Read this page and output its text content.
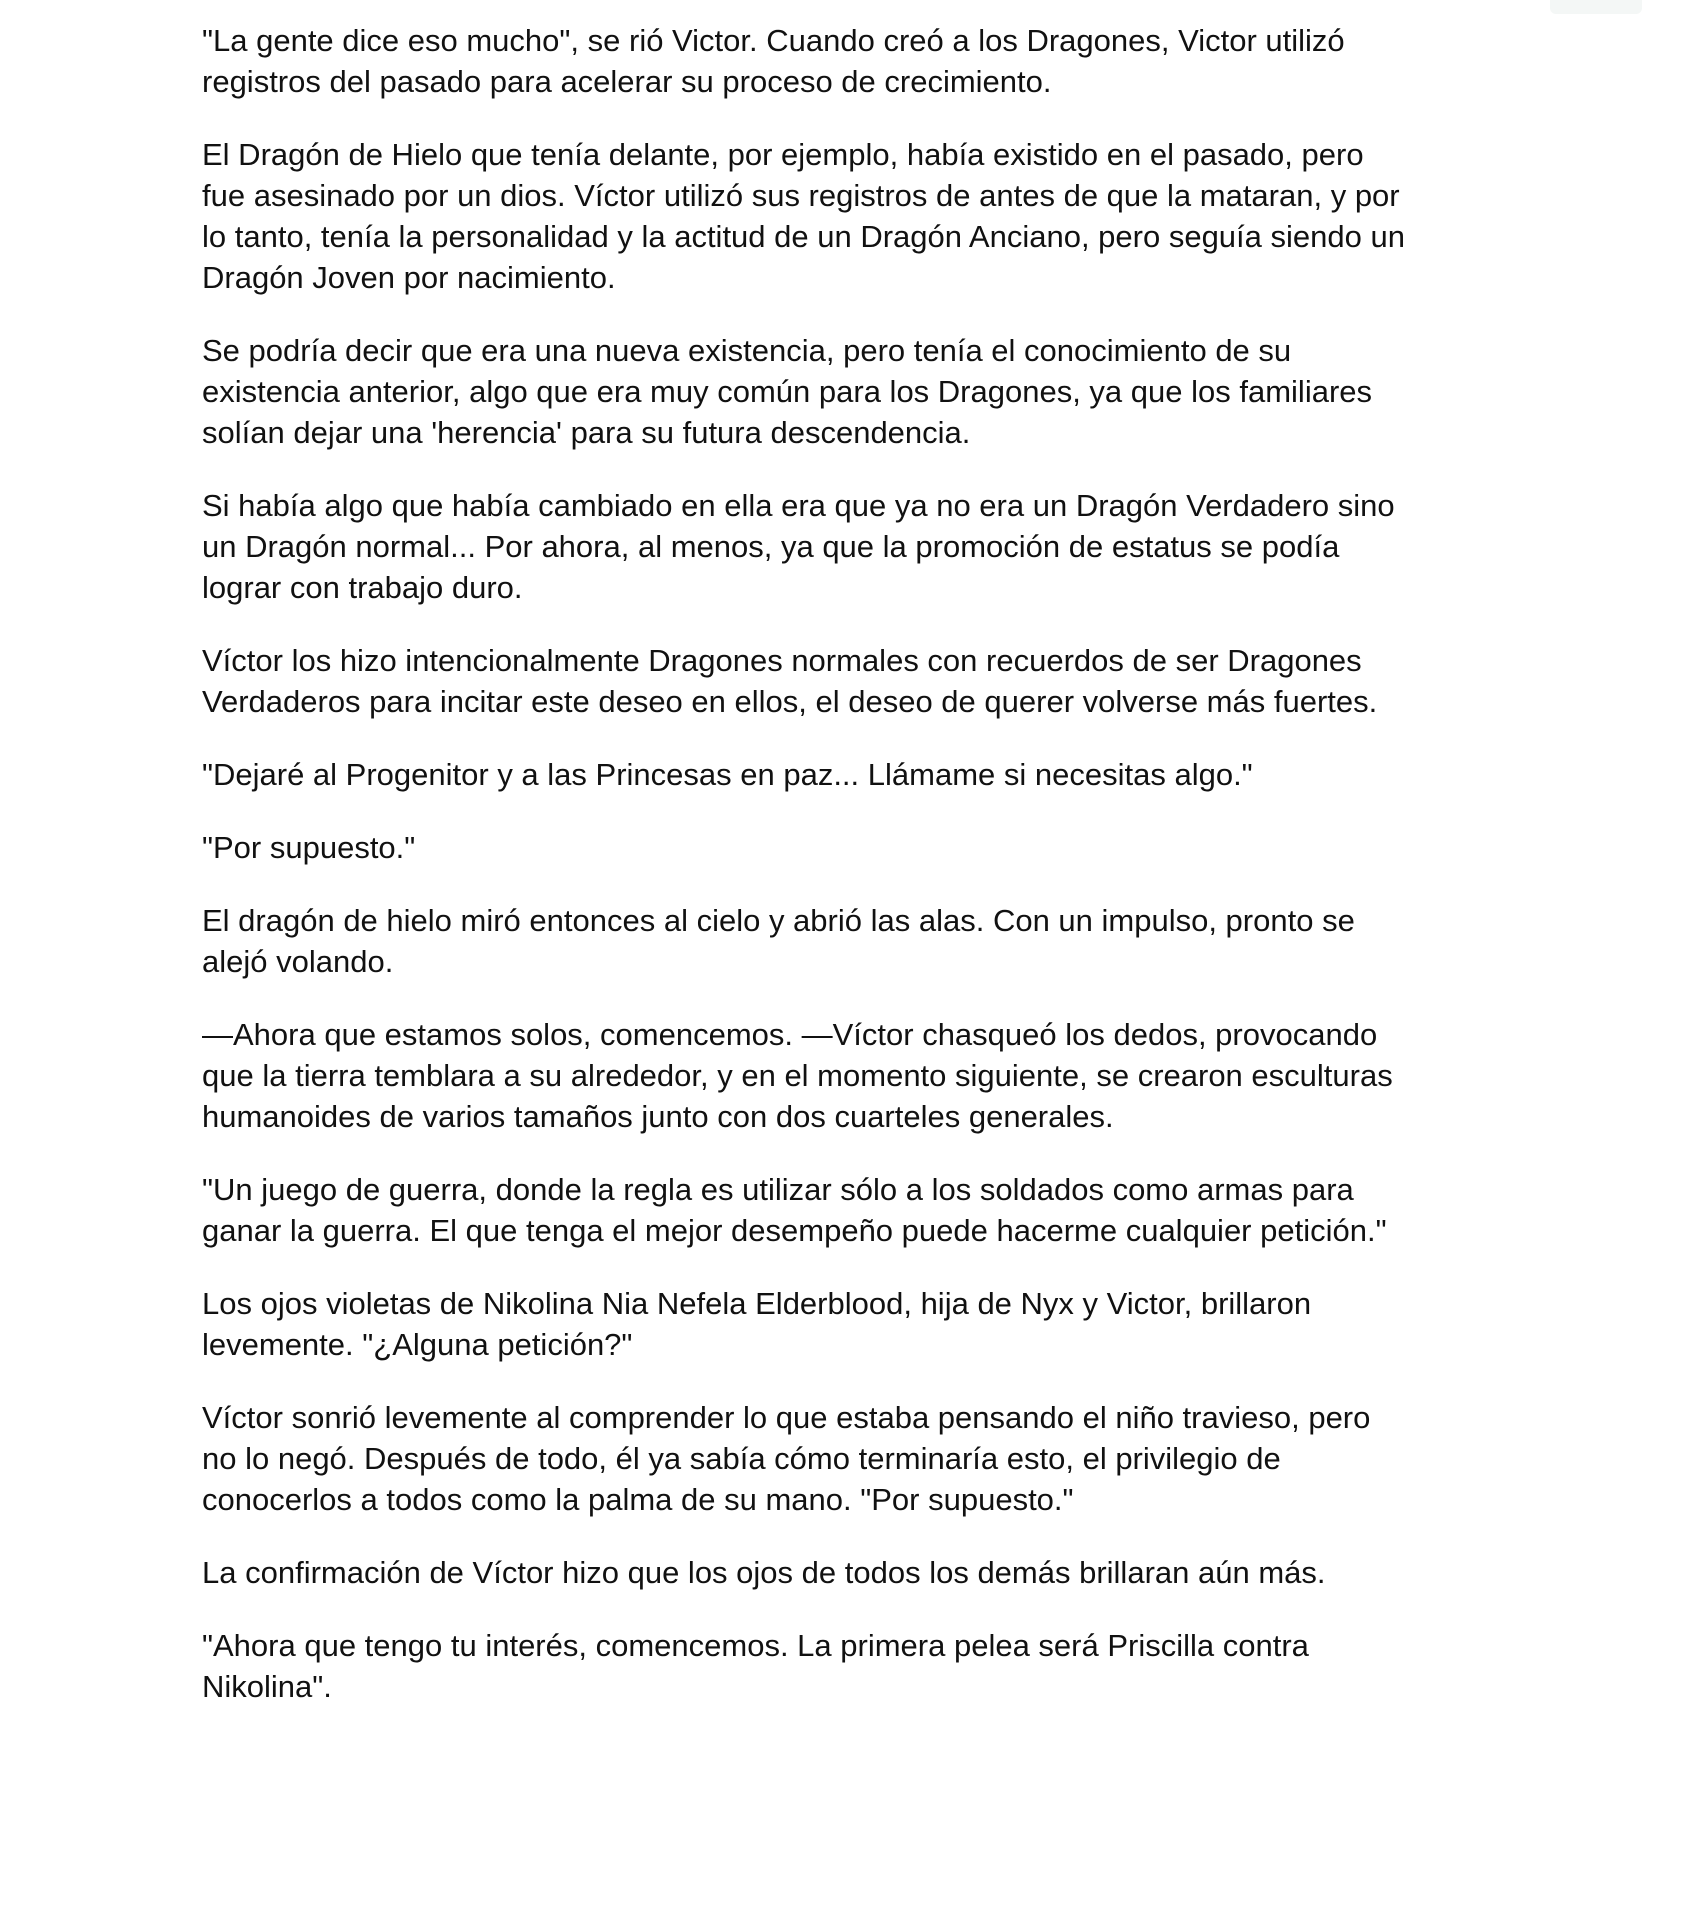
"La gente dice eso mucho", se rió Victor. Cuando creó a los Dragones, Victor utilizó
registros del pasado para acelerar su proceso de crecimiento.

El Dragón de Hielo que tenía delante, por ejemplo, había existido en el pasado, pero
fue asesinado por un dios. Víctor utilizó sus registros de antes de que la mataran, y por
lo tanto, tenía la personalidad y la actitud de un Dragón Anciano, pero seguía siendo un
Dragón Joven por nacimiento.

Se podría decir que era una nueva existencia, pero tenía el conocimiento de su
existencia anterior, algo que era muy común para los Dragones, ya que los familiares
solían dejar una 'herencia' para su futura descendencia.

Si había algo que había cambiado en ella era que ya no era un Dragón Verdadero sino
un Dragón normal... Por ahora, al menos, ya que la promoción de estatus se podía
lograr con trabajo duro.

Víctor los hizo intencionalmente Dragones normales con recuerdos de ser Dragones
Verdaderos para incitar este deseo en ellos, el deseo de querer volverse más fuertes.

"Dejaré al Progenitor y a las Princesas en paz... Llámame si necesitas algo."

"Por supuesto."

El dragón de hielo miró entonces al cielo y abrió las alas. Con un impulso, pronto se
alejó volando.

—Ahora que estamos solos, comencemos. —Víctor chasqueó los dedos, provocando
que la tierra temblara a su alrededor, y en el momento siguiente, se crearon esculturas
humanoides de varios tamaños junto con dos cuarteles generales.

"Un juego de guerra, donde la regla es utilizar sólo a los soldados como armas para
ganar la guerra. El que tenga el mejor desempeño puede hacerme cualquier petición."

Los ojos violetas de Nikolina Nia Nefela Elderblood, hija de Nyx y Victor, brillaron
levemente. "¿Alguna petición?"

Víctor sonrió levemente al comprender lo que estaba pensando el niño travieso, pero
no lo negó. Después de todo, él ya sabía cómo terminaría esto, el privilegio de
conocerlos a todos como la palma de su mano. "Por supuesto."

La confirmación de Víctor hizo que los ojos de todos los demás brillaran aún más.

"Ahora que tengo tu interés, comencemos. La primera pelea será Priscilla contra
Nikolina".
